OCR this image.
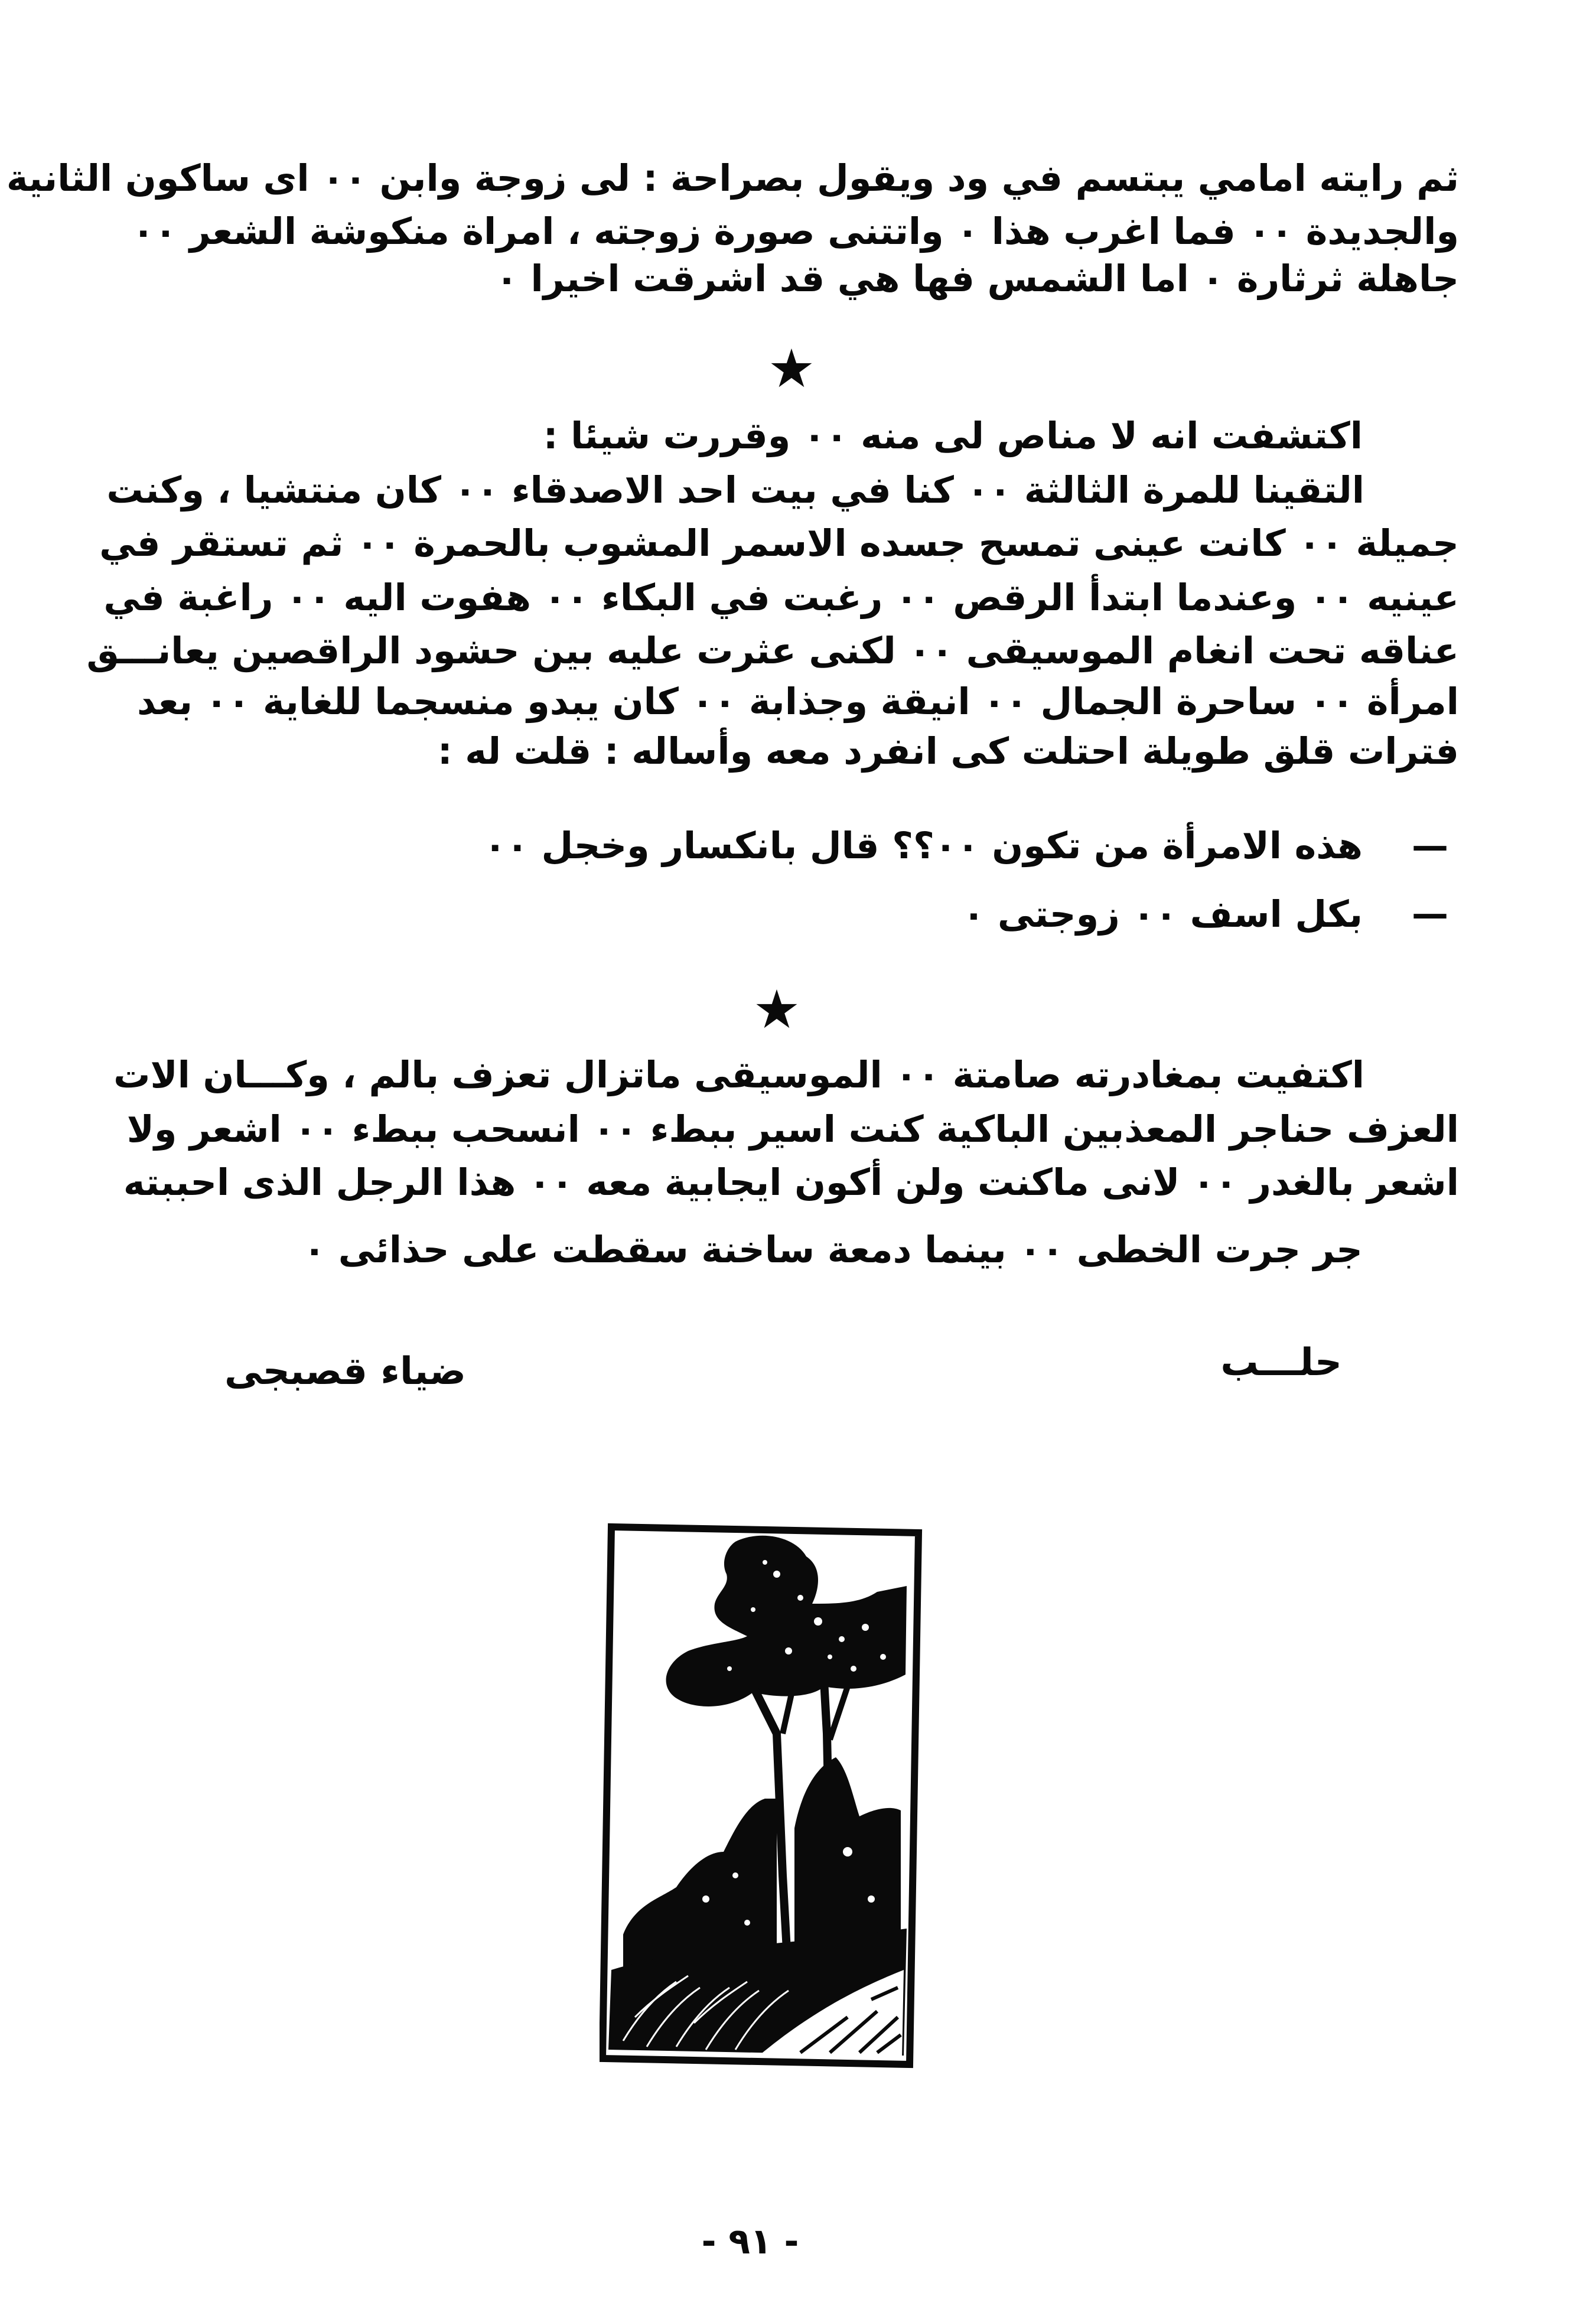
ثم رايته امامي يبتسم في ود ويقول بصراحة : لى زوجة وابن ٠٠ اى ساكون الثانية
والجديدة ٠٠ فما اغرب هذا ٠ واتتنى صورة زوجته ، امراة منكوشة الشعر ٠٠
جاهلة ثرثارة ٠ اما الشمس فها هي قد اشرقت اخيرا ٠
★
اكتشفت انه لا مناص لى منه ٠٠ وقررت شيئا :
التقينا للمرة الثالثة ٠٠ كنا في بيت احد الاصدقاء ٠٠ كان منتشيا ، وكنت
جميلة ٠٠ كانت عينى تمسح جسده الاسمر المشوب بالحمرة ٠٠ ثم تستقر في
عينيه ٠٠ وعندما ابتدأ الرقص ٠٠ رغبت في البكاء ٠٠ هفوت اليه ٠٠ راغبة في
عناقه تحت انغام الموسيقى ٠٠ لكنى عثرت عليه بين حشود الراقصين يعانـــق
امرأة ٠٠ ساحرة الجمال ٠٠ انيقة وجذابة ٠٠ كان يبدو منسجما للغاية ٠٠ بعد
فترات قلق طويلة احتلت كى انفرد معه وأساله : قلت له :
—
هذه الامرأة من تكون ٠٠؟؟ قال بانكسار وخجل ٠٠
—
بكل اسف ٠٠ زوجتى ٠
★
اكتفيت بمغادرته صامتة ٠٠ الموسيقى ماتزال تعزف بالم ، وكـــان الات
العزف حناجر المعذبين الباكية كنت اسير ببطء ٠٠ انسحب ببطء ٠٠ اشعر ولا
اشعر بالغدر ٠٠ لانى ماكنت ولن أكون ايجابية معه ٠٠ هذا الرجل الذى احببته
جر جرت الخطى ٠٠ بينما دمعة ساخنة سقطت على حذائى ٠
حلـــب
ضياء قصبجى
- ٩١ -
